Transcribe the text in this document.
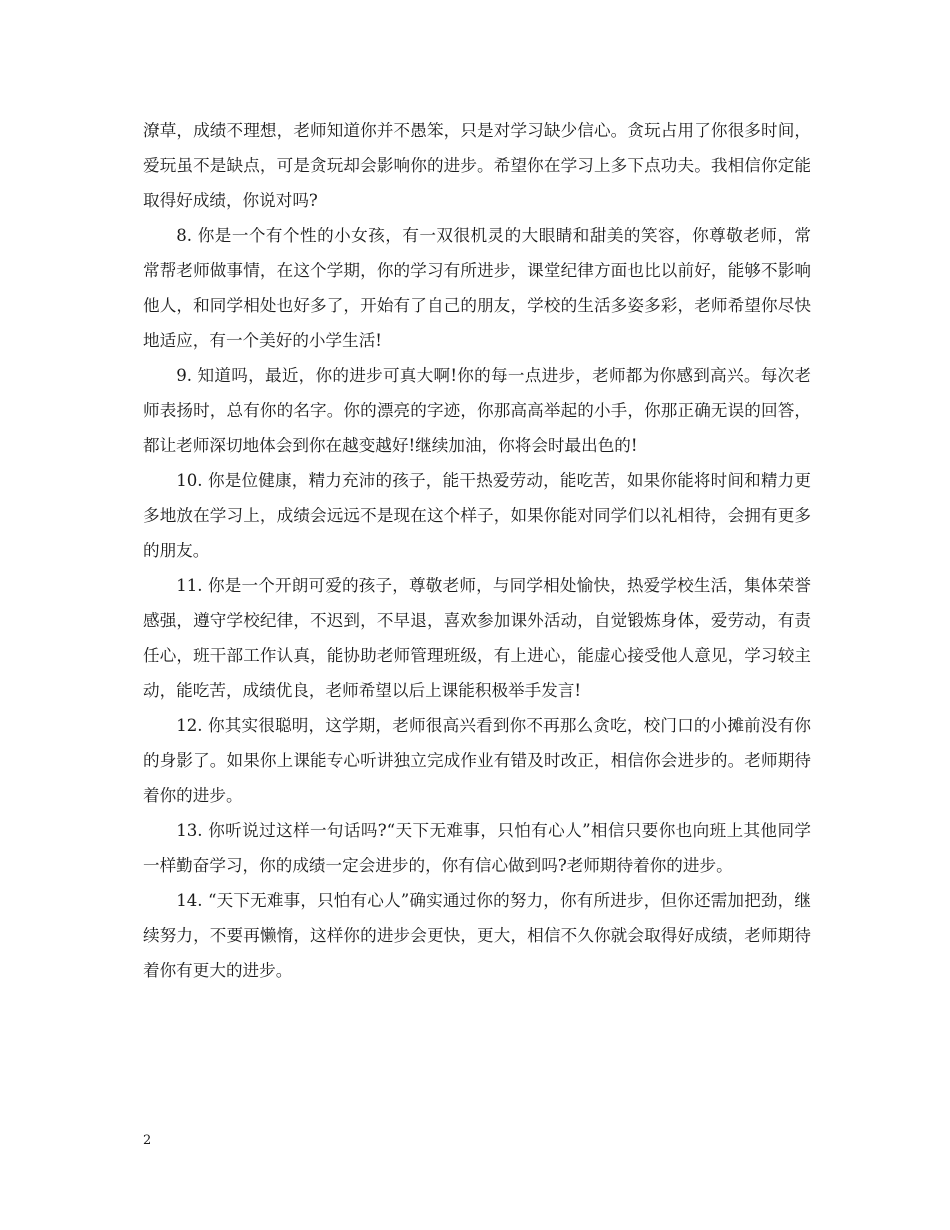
潦草，成绩不理想，老师知道你并不愚笨，只是对学习缺少信心。贪玩占用了你很多时间，爱玩虽不是缺点，可是贪玩却会影响你的进步。希望你在学习上多下点功夫。我相信你定能取得好成绩，你说对吗?

8. 你是一个有个性的小女孩，有一双很机灵的大眼睛和甜美的笑容，你尊敬老师，常常帮老师做事情，在这个学期，你的学习有所进步，课堂纪律方面也比以前好，能够不影响他人，和同学相处也好多了，开始有了自己的朋友，学校的生活多姿多彩，老师希望你尽快地适应，有一个美好的小学生活!

9. 知道吗，最近，你的进步可真大啊!你的每一点进步，老师都为你感到高兴。每次老师表扬时，总有你的名字。你的漂亮的字迹，你那高高举起的小手，你那正确无误的回答，都让老师深切地体会到你在越变越好!继续加油，你将会时最出色的!

10. 你是位健康，精力充沛的孩子，能干热爱劳动，能吃苦，如果你能将时间和精力更多地放在学习上，成绩会远远不是现在这个样子，如果你能对同学们以礼相待，会拥有更多的朋友。

11. 你是一个开朗可爱的孩子，尊敬老师，与同学相处愉快，热爱学校生活，集体荣誉感强，遵守学校纪律，不迟到，不早退，喜欢参加课外活动，自觉锻炼身体，爱劳动，有责任心，班干部工作认真，能协助老师管理班级，有上进心，能虚心接受他人意见，学习较主动，能吃苦，成绩优良，老师希望以后上课能积极举手发言!

12. 你其实很聪明，这学期，老师很高兴看到你不再那么贪吃，校门口的小摊前没有你的身影了。如果你上课能专心听讲独立完成作业有错及时改正，相信你会进步的。老师期待着你的进步。

13. 你听说过这样一句话吗?“天下无难事，只怕有心人”相信只要你也向班上其他同学一样勤奋学习，你的成绩一定会进步的，你有信心做到吗?老师期待着你的进步。

14. “天下无难事，只怕有心人”确实通过你的努力，你有所进步，但你还需加把劲，继续努力，不要再懒惰，这样你的进步会更快，更大，相信不久你就会取得好成绩，老师期待着你有更大的进步。

2
